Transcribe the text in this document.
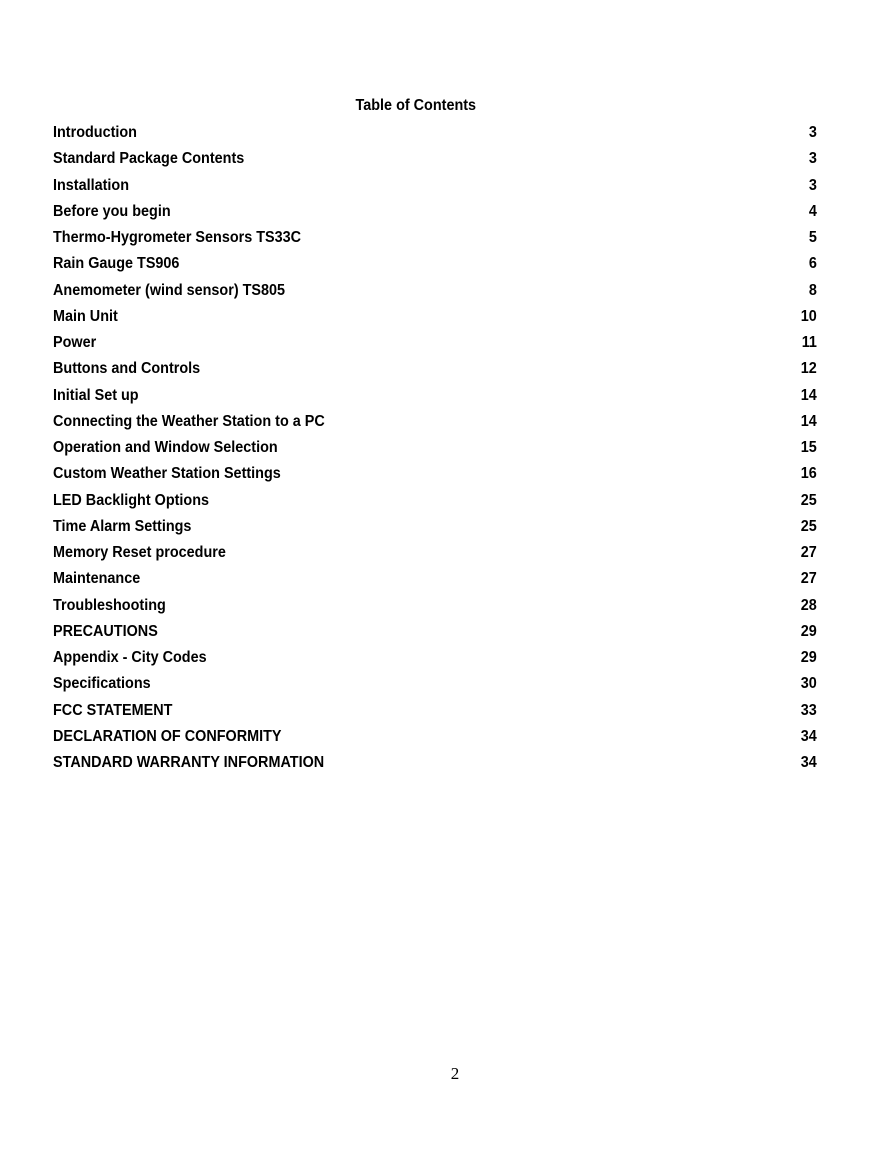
Table of Contents
Introduction	3
Standard Package Contents	3
Installation	3
Before you begin	4
Thermo-Hygrometer Sensors TS33C	5
Rain Gauge TS906	6
Anemometer (wind sensor) TS805	8
Main Unit	10
Power	11
Buttons and Controls	12
Initial Set up	14
Connecting the Weather Station to a PC	14
Operation and Window Selection	15
Custom Weather Station Settings	16
LED Backlight Options	25
Time Alarm Settings	25
Memory Reset procedure	27
Maintenance	27
Troubleshooting	28
PRECAUTIONS	29
Appendix - City Codes	29
Specifications	30
FCC STATEMENT	33
DECLARATION OF CONFORMITY	34
STANDARD WARRANTY INFORMATION	34
2
